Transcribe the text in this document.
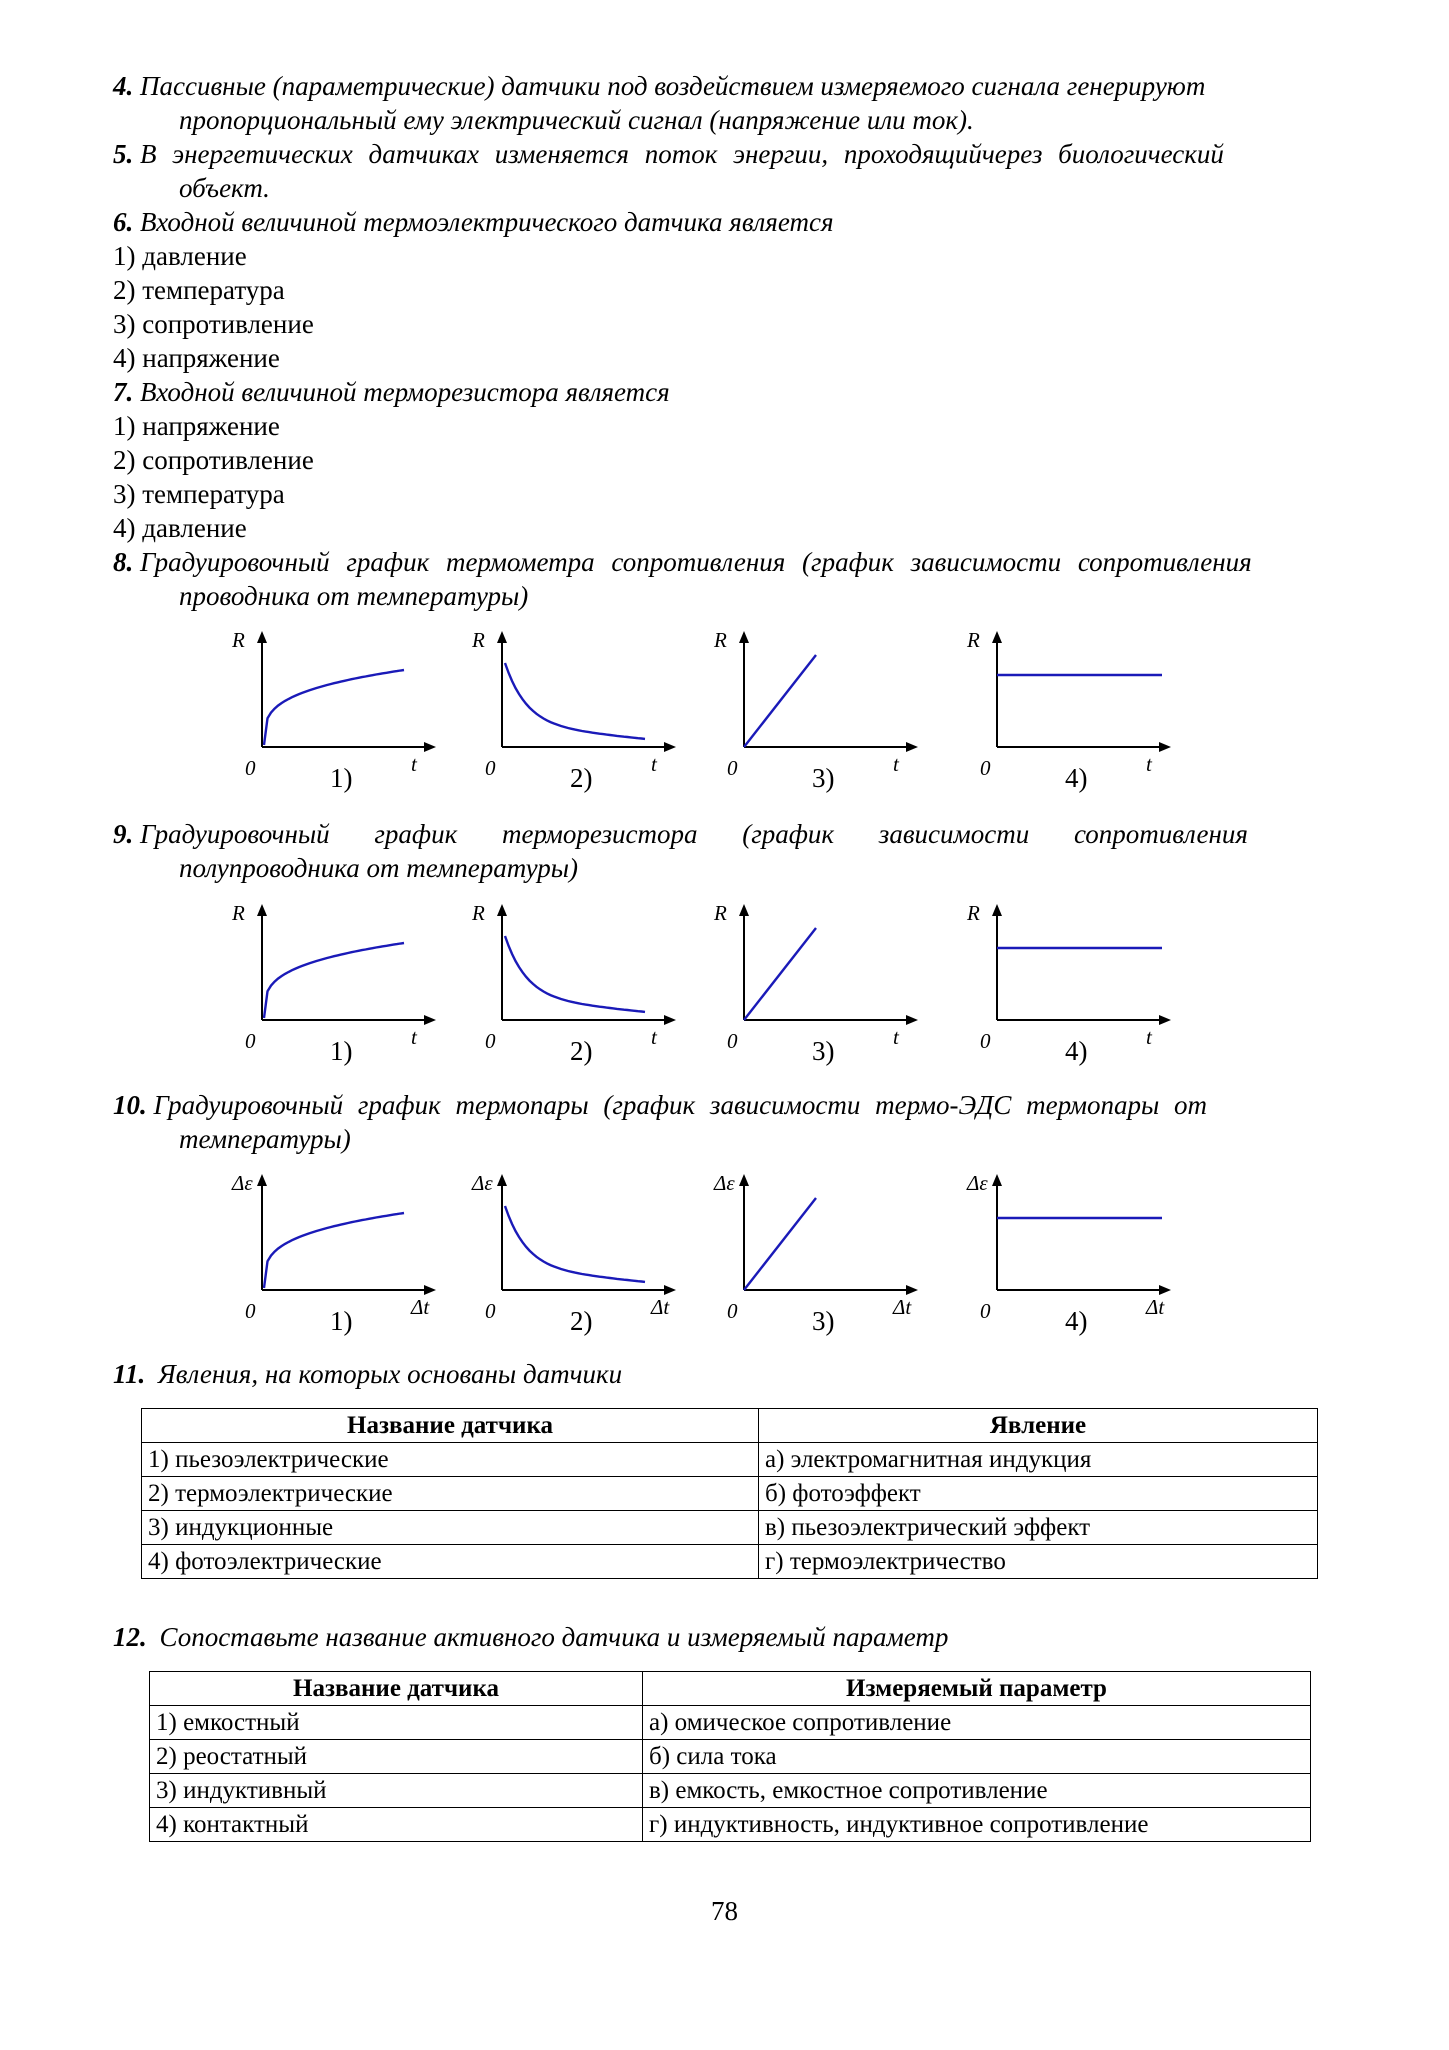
4. Пассивные (параметрические) датчики под воздействием измеряемого сигнала генерируют
пропорциональный ему электрический сигнал (напряжение или ток).
5. В энергетических датчиках изменяется поток энергии, проходящийчерез биологический
объект.
6. Входной величиной термоэлектрического датчика является
1) давление
2) температура
3) сопротивление
4) напряжение
7. Входной величиной терморезистора является
1) напряжение
2) сопротивление
3) температура
4) давление
8. Градуировочный график термометра сопротивления (график зависимости сопротивления
проводника от температуры)
9. Градуировочный график терморезистора (график зависимости сопротивления
полупроводника от температуры)
10. Градуировочный график термопары (график зависимости термо-ЭДС термопары от
температуры)
11. Явления, на которых основаны датчики
Название датчика	Явление
1) пьезоэлектрические	а) электромагнитная индукция
2) термоэлектрические	б) фотоэффект
3) индукционные	в) пьезоэлектрический эффект
4) фотоэлектрические	г) термоэлектричество
12. Сопоставьте название активного датчика и измеряемый параметр
Название датчика	Измеряемый параметр
1) емкостный	а) омическое сопротивление
2) реостатный	б) сила тока
3) индуктивный	в) емкость, емкостное сопротивление
4) контактный	г) индуктивность, индуктивное сопротивление
78
R
t
0	1)
R
t
0	2)
R
t
0	3)
R
t
0	4)
R
t
0	1)
R
t
0	2)
R
t
0	3)
R
t
0	4)
Δε
Δt
0	1)
Δε
Δt
0	2)
Δε
Δt
0	3)
Δε
Δt
0	4)
